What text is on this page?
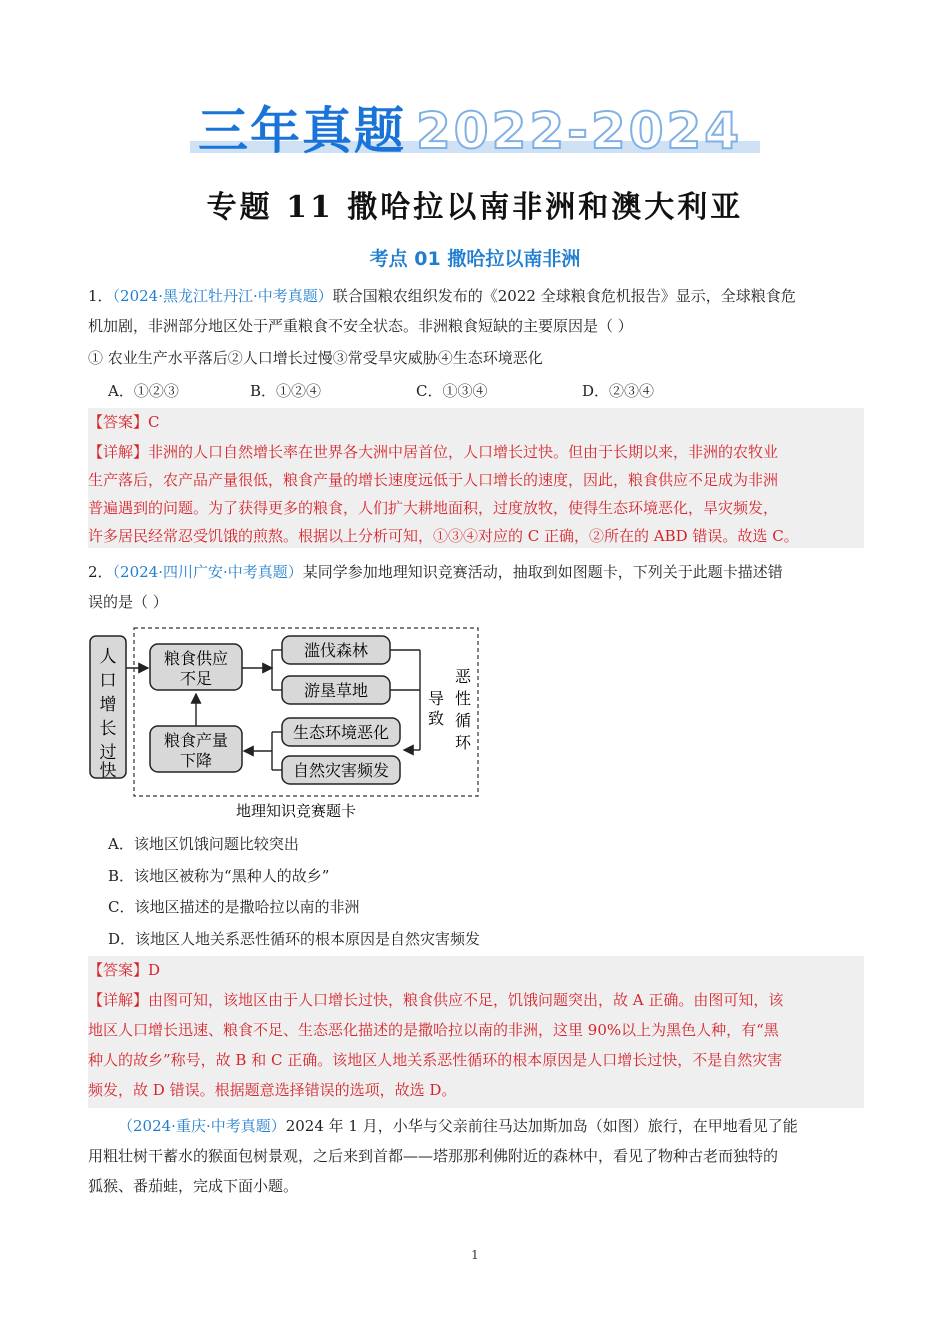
三年真题 2022-2024
专题 11 撒哈拉以南非洲和澳大利亚
考点 01 撒哈拉以南非洲
1．（2024·黑龙江牡丹江·中考真题）联合国粮农组织发布的《2022 全球粮食危机报告》显示，全球粮食危
机加剧，非洲部分地区处于严重粮食不安全状态。非洲粮食短缺的主要原因是（ ）
① 农业生产水平落后②人口增长过慢③常受旱灾威胁④生态环境恶化
A．①②③	B．①②④	C．①③④	D．②③④
【答案】C
【详解】非洲的人口自然增长率在世界各大洲中居首位，人口增长过快。但由于长期以来，非洲的农牧业
生产落后，农产品产量很低，粮食产量的增长速度远低于人口增长的速度，因此，粮食供应不足成为非洲
普遍遇到的问题。为了获得更多的粮食，人们扩大耕地面积，过度放牧，使得生态环境恶化，旱灾频发，
许多居民经常忍受饥饿的煎熬。根据以上分析可知，①③④对应的 C 正确，②所在的 ABD 错误。故选 C。
2．（2024·四川广安·中考真题）某同学参加地理知识竞赛活动，抽取到如图题卡，下列关于此题卡描述错
误的是（ ）
人
口
增
长
过
快
粮食供应
不足
滥伐森林
游垦草地
生态环境恶化
自然灾害频发
导
致
恶
性
循
环
粮食产量
下降
地理知识竞赛题卡
A．该地区饥饿问题比较突出
B．该地区被称为“黑种人的故乡”
C．该地区描述的是撒哈拉以南的非洲
D．该地区人地关系恶性循环的根本原因是自然灾害频发
【答案】D
【详解】由图可知，该地区由于人口增长过快，粮食供应不足，饥饿问题突出，故 A 正确。由图可知，该
地区人口增长迅速、粮食不足、生态恶化描述的是撒哈拉以南的非洲，这里 90%以上为黑色人种，有“黑
种人的故乡”称号，故 B 和 C 正确。该地区人地关系恶性循环的根本原因是人口增长过快，不是自然灾害
频发，故 D 错误。根据题意选择错误的选项，故选 D。
（2024·重庆·中考真题）2024 年 1 月，小华与父亲前往马达加斯加岛（如图）旅行，在甲地看见了能
用粗壮树干蓄水的猴面包树景观，之后来到首都——塔那那利佛附近的森林中，看见了物种古老而独特的
狐猴、番茄蛙，完成下面小题。
1
